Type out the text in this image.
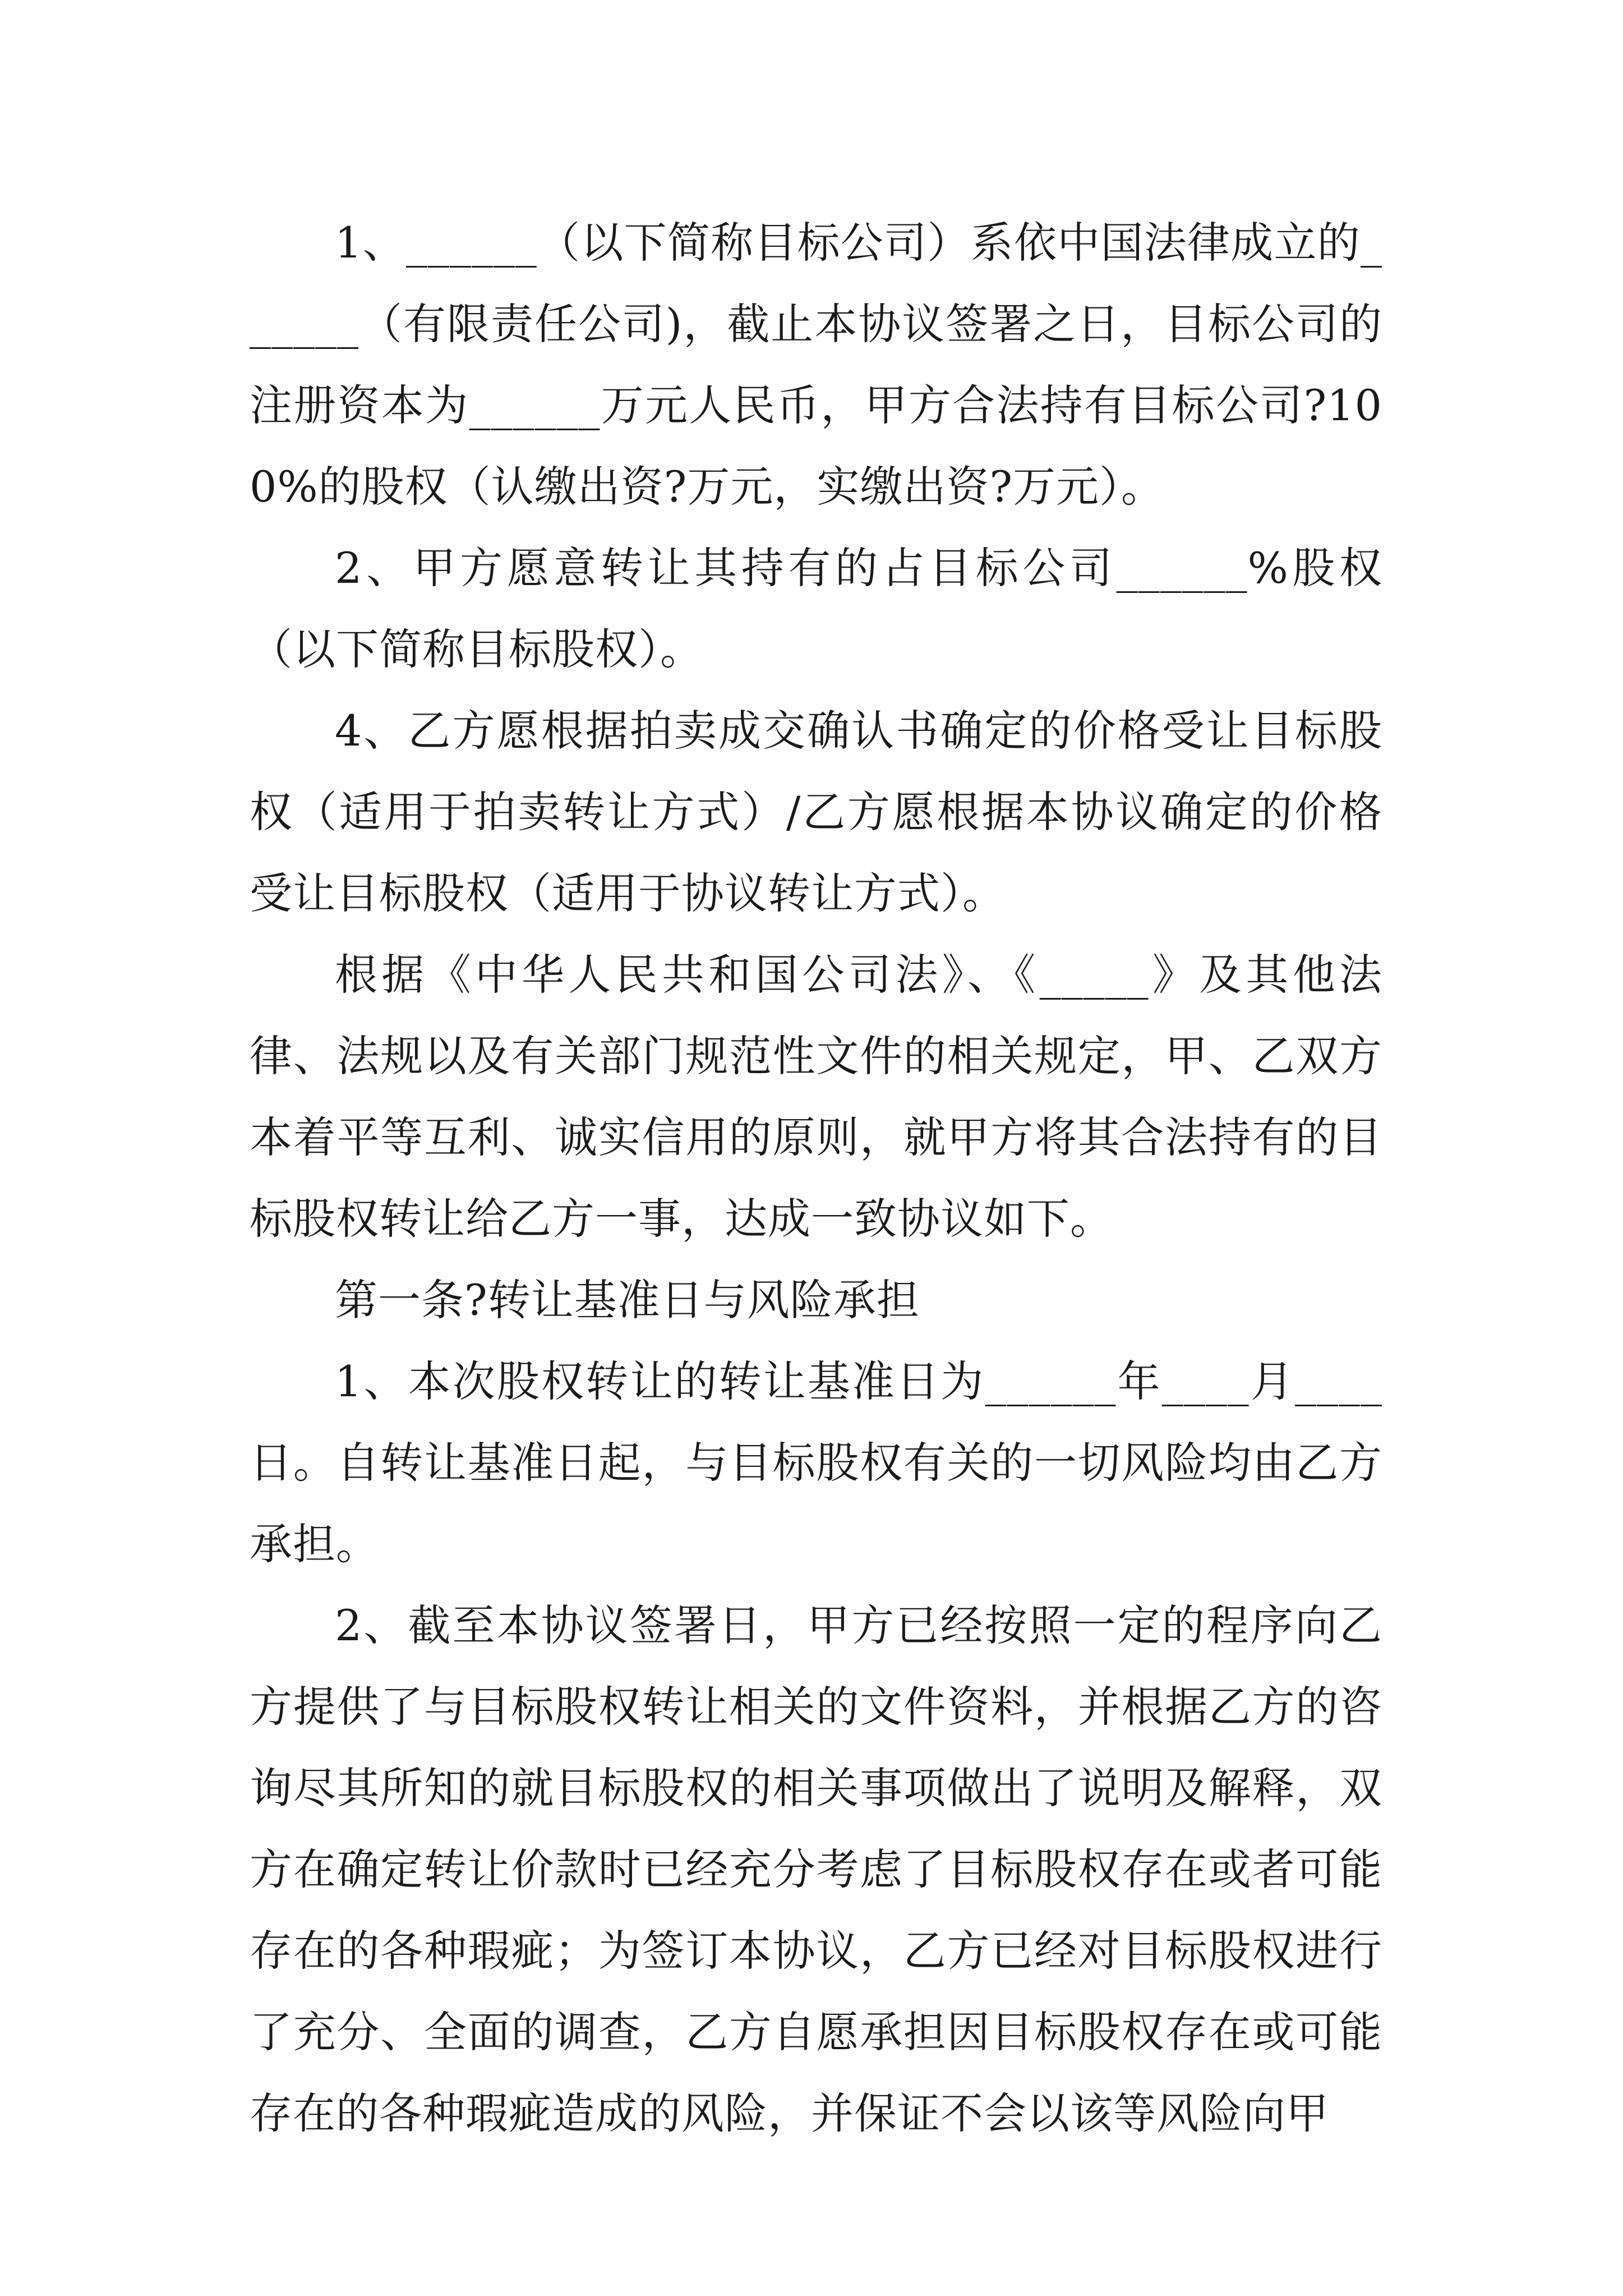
1、______（以下简称目标公司）系依中国法律成立的______（有限责任公司)，截止本协议签署之日，目标公司的注册资本为______万元人民币，甲方合法持有目标公司?100%的股权（认缴出资?万元，实缴出资?万元）。

2、甲方愿意转让其持有的占目标公司______%股权（以下简称目标股权）。

4、乙方愿根据拍卖成交确认书确定的价格受让目标股权（适用于拍卖转让方式）/乙方愿根据本协议确定的价格受让目标股权（适用于协议转让方式）。

根据《中华人民共和国公司法》、《_____》及其他法律、法规以及有关部门规范性文件的相关规定，甲、乙双方本着平等互利、诚实信用的原则，就甲方将其合法持有的目标股权转让给乙方一事，达成一致协议如下。

第一条?转让基准日与风险承担

1、本次股权转让的转让基准日为______年____月____日。自转让基准日起，与目标股权有关的一切风险均由乙方承担。

2、截至本协议签署日，甲方已经按照一定的程序向乙方提供了与目标股权转让相关的文件资料，并根据乙方的咨询尽其所知的就目标股权的相关事项做出了说明及解释，双方在确定转让价款时已经充分考虑了目标股权存在或者可能存在的各种瑕疵；为签订本协议，乙方已经对目标股权进行了充分、全面的调查，乙方自愿承担因目标股权存在或可能存在的各种瑕疵造成的风险，并保证不会以该等风险向甲
